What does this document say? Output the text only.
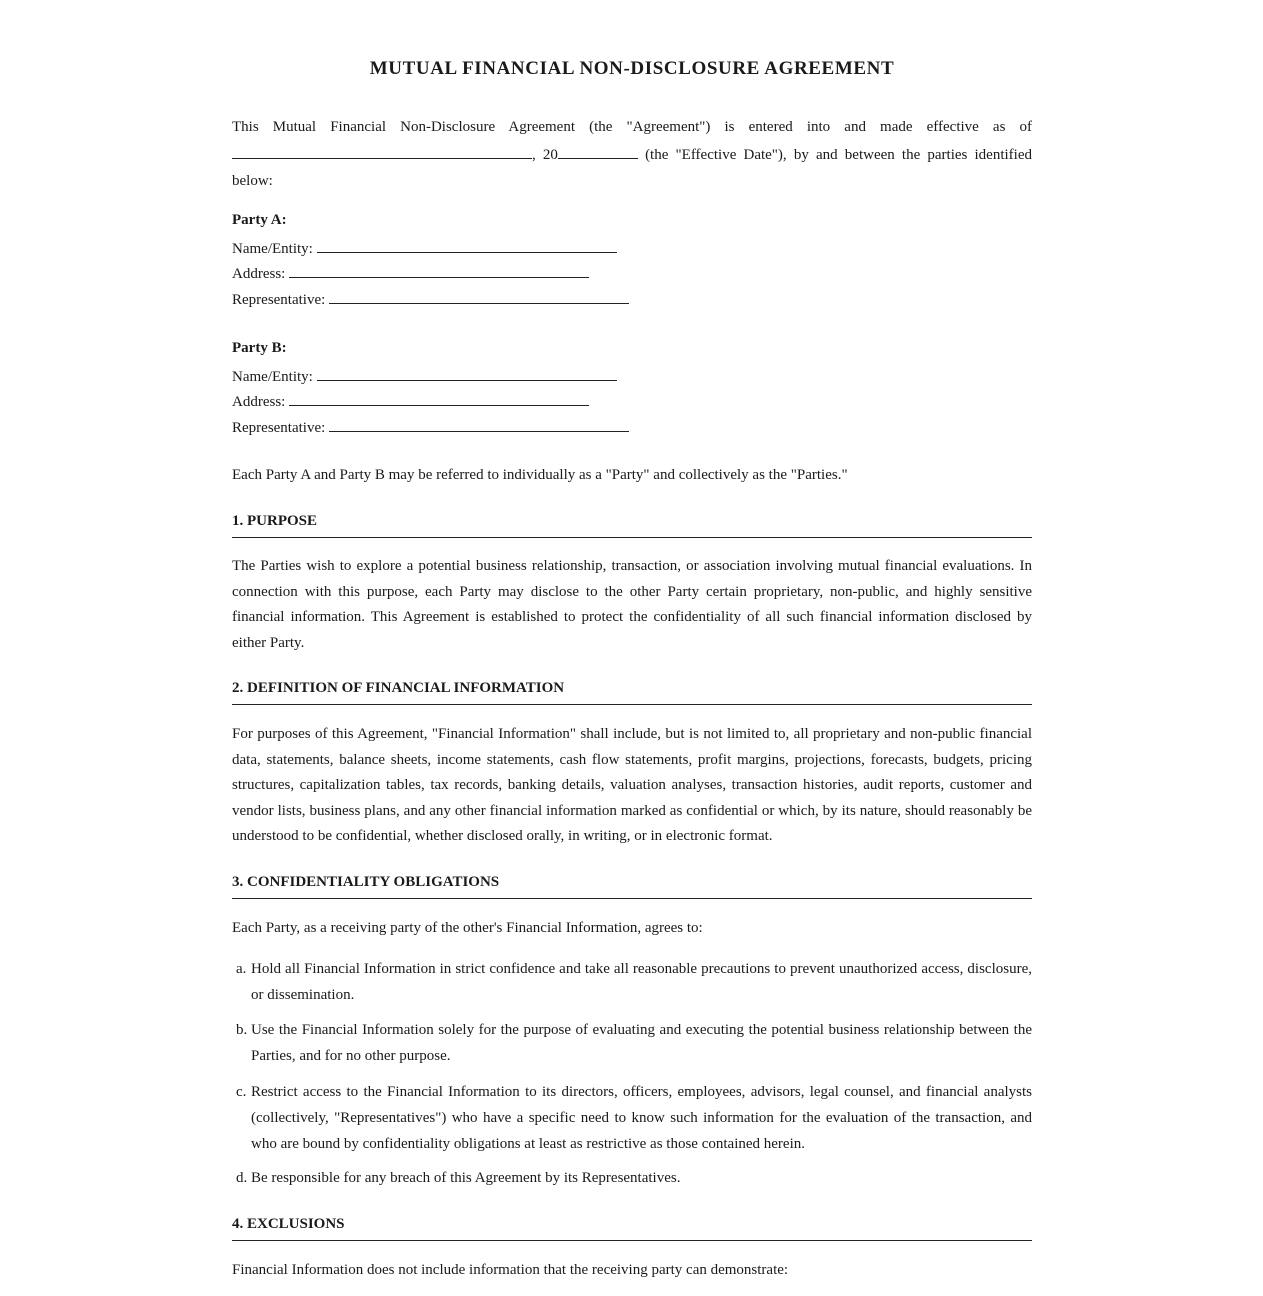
MUTUAL FINANCIAL NON-DISCLOSURE AGREEMENT

This Mutual Financial Non-Disclosure Agreement (the "Agreement") is entered into and made effective as of , 20	(the "Effective Date"), by and between the parties identified below:

Party A:
Name/Entity:
Address:
Representative:
Party B:
Name/Entity:
Address:
Representative:

Each Party A and Party B may be referred to individually as a "Party" and collectively as the "Parties."

1. PURPOSE

The Parties wish to explore a potential business relationship, transaction, or association involving mutual financial evaluations. In connection with this purpose, each Party may disclose to the other Party certain proprietary, non-public, and highly sensitive financial information. This Agreement is established to protect the confidentiality of all such financial information disclosed by either Party.

2. DEFINITION OF FINANCIAL INFORMATION

For purposes of this Agreement, "Financial Information" shall include, but is not limited to, all proprietary and non-public financial data, statements, balance sheets, income statements, cash flow statements, profit margins, projections, forecasts, budgets, pricing structures, capitalization tables, tax records, banking details, valuation analyses, transaction histories, audit reports, customer and vendor lists, business plans, and any other financial information marked as confidential or which, by its nature, should reasonably be understood to be confidential, whether disclosed orally, in writing, or in electronic format.

3. CONFIDENTIALITY OBLIGATIONS

Each Party, as a receiving party of the other's Financial Information, agrees to:

a. Hold all Financial Information in strict confidence and take all reasonable precautions to prevent unauthorized access, disclosure, or dissemination.
b. Use the Financial Information solely for the purpose of evaluating and executing the potential business relationship between the Parties, and for no other purpose.
c. Restrict access to the Financial Information to its directors, officers, employees, advisors, legal counsel, and financial analysts (collectively, "Representatives") who have a specific need to know such information for the evaluation of the transaction, and who are bound by confidentiality obligations at least as restrictive as those contained herein.
d. Be responsible for any breach of this Agreement by its Representatives.
4. EXCLUSIONS

Financial Information does not include information that the receiving party can demonstrate:
